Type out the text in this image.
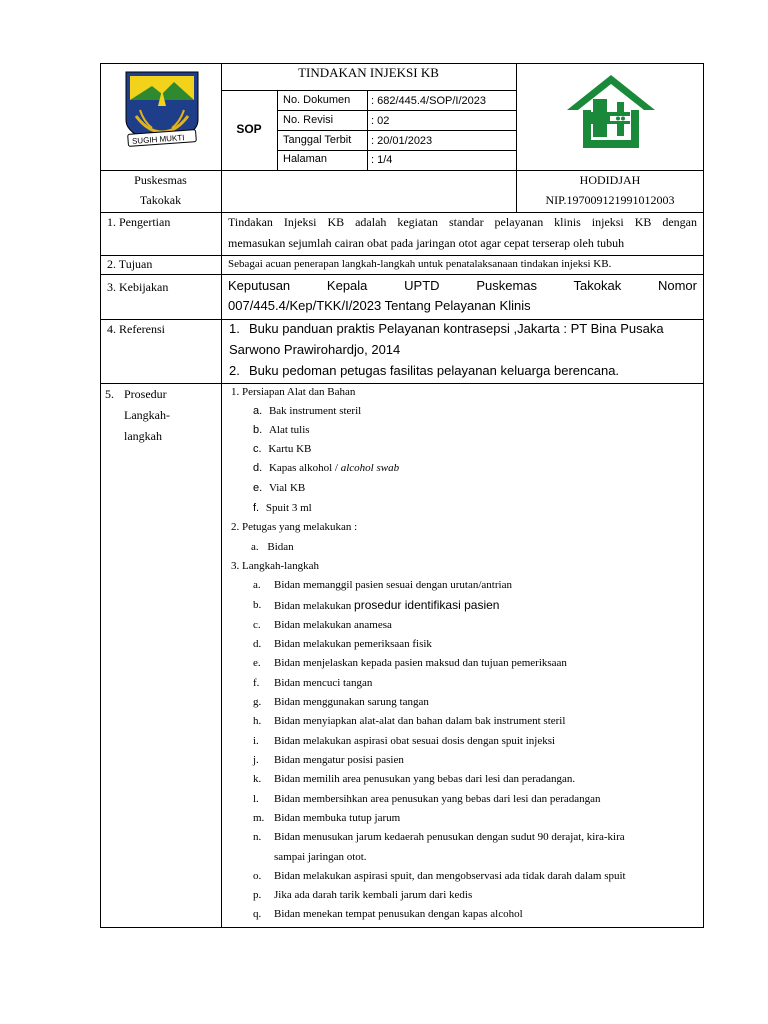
SUGIH MUKTI
TINDAKAN INJEKSI KB
SOP
No. Dokumen : 682/445.4/SOP/I/2023
No. Revisi	: 02
Tanggal Terbit : 20/01/2023
Halaman	: 1/4
Puskesmas
Takokak
HODIDJAH
NIP.197009121991012003
1. Pengertian	Tindakan Injeksi KB adalah kegiatan standar pelayanan klinis injeksi KB dengan
memasukan sejumlah cairan obat pada jaringan otot agar cepat terserap oleh tubuh
2. Tujuan	Sebagai acuan penerapan langkah-langkah untuk penatalaksanaan tindakan injeksi KB.
3. Kebijakan	Keputusan Kepala UPTD Puskemas Takokak Nomor
007/445.4/Kep/TKK/I/2023 Tentang Pelayanan Klinis
4. Referensi	1. Buku panduan praktis Pelayanan kontrasepsi ,Jakarta : PT Bina Pusaka
Sarwono Prawirohardjo, 2014
2. Buku pedoman petugas fasilitas pelayanan keluarga berencana.
5. Prosedur
Langkah-
langkah
1. Persiapan Alat dan Bahan
a. Bak instrument steril
b. Alat tulis
c. Kartu KB
d. Kapas alkohol / alcohol swab
e. Vial KB
f. Spuit 3 ml
2. Petugas yang melakukan :
a. Bidan
3. Langkah-langkah
a. Bidan memanggil pasien sesuai dengan urutan/antrian
b. Bidan melakukan prosedur identifikasi pasien
c. Bidan melakukan anamesa
d. Bidan melakukan pemeriksaan fisik
e. Bidan menjelaskan kepada pasien maksud dan tujuan pemeriksaan
f. Bidan mencuci tangan
g. Bidan menggunakan sarung tangan
h. Bidan menyiapkan alat-alat dan bahan dalam bak instrument steril
i. Bidan melakukan aspirasi obat sesuai dosis dengan spuit injeksi
j. Bidan mengatur posisi pasien
k. Bidan memilih area penusukan yang bebas dari lesi dan peradangan.
l. Bidan membersihkan area penusukan yang bebas dari lesi dan peradangan
m. Bidan membuka tutup jarum
n. Bidan menusukan jarum kedaerah penusukan dengan sudut 90 derajat, kira-kira
sampai jaringan otot.
o. Bidan melakukan aspirasi spuit, dan mengobservasi ada tidak darah dalam spuit
p. Jika ada darah tarik kembali jarum dari kedis
q. Bidan menekan tempat penusukan dengan kapas alcohol
